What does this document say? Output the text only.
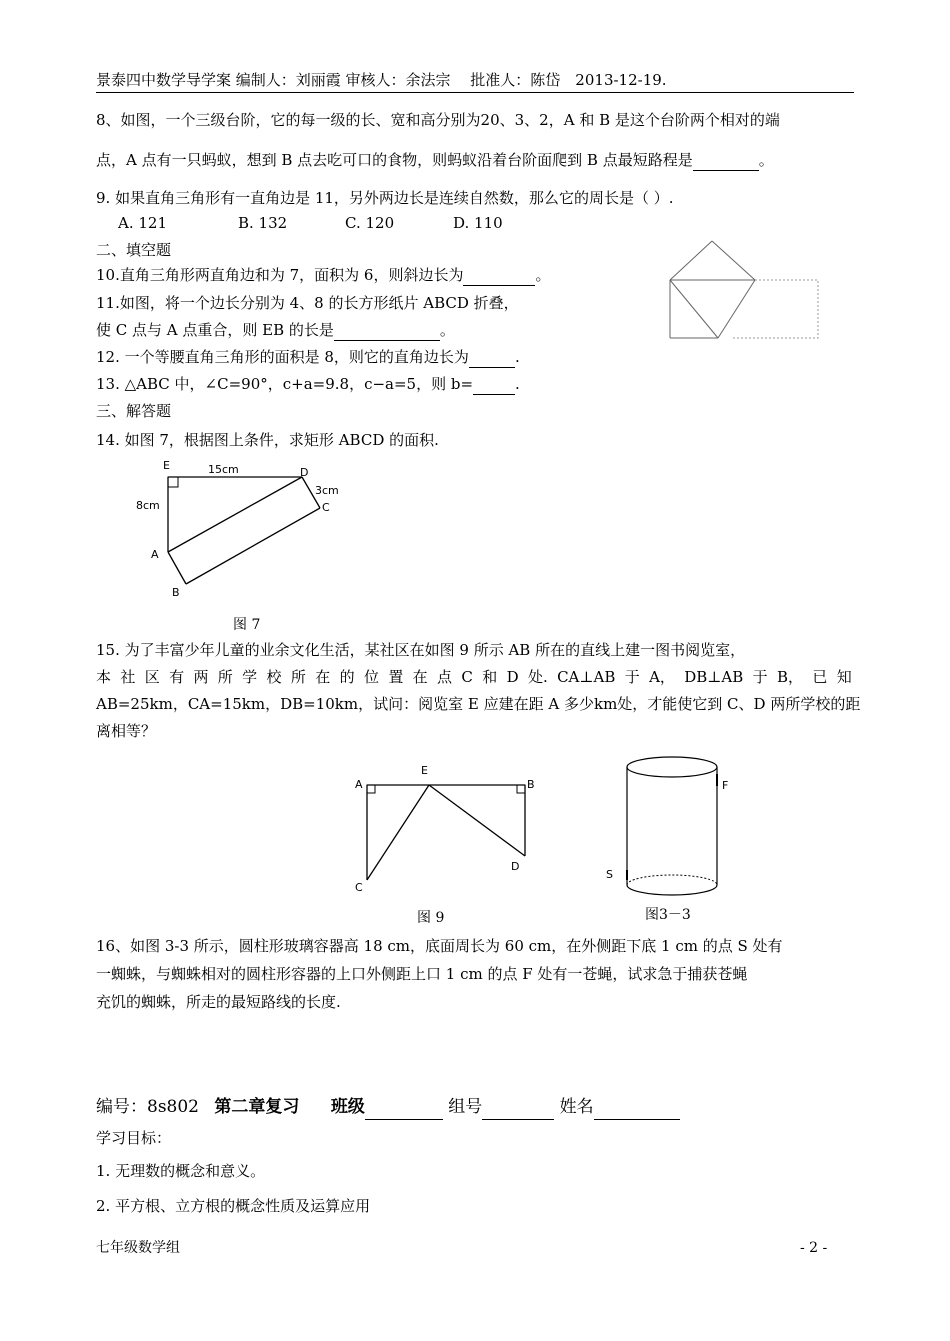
景泰四中数学导学案 编制人：刘丽霞 审核人：余法宗　 批准人：陈岱　2013-12-19.
8、如图，一个三级台阶，它的每一级的长、宽和高分别为20、3、2，A 和 B 是这个台阶两个相对的端
点，A 点有一只蚂蚁，想到 B 点去吃可口的食物，则蚂蚁沿着台阶面爬到 B 点最短路程是	。
9. 如果直角三角形有一直角边是 11，另外两边长是连续自然数，那么它的周长是（ ）.
A. 121	B. 132	C. 120	D. 110
二、填空题
10.直角三角形两直角边和为 7，面积为 6，则斜边长为	。
11.如图，将一个边长分别为 4、8 的长方形纸片 ABCD 折叠，
使 C 点与 A 点重合，则 EB 的长是	。
12. 一个等腰直角三角形的面积是 8，则它的直角边长为	.
13. △ABC 中，∠C=90°，c+a=9.8，c−a=5，则 b=	.
三、解答题
14. 如图 7，根据图上条件，求矩形 ABCD 的面积.
E	15cm	D
3cm
C
8cm
A
B
图 7
15. 为了丰富少年儿童的业余文化生活，某社区在如图 9 所示 AB 所在的直线上建一图书阅览室，
本 社 区 有 两 所 学 校 所 在 的 位 置 在 点 C 和 D 处. CA⊥AB 于 A， DB⊥AB 于 B， 已 知
AB=25km，CA=15km，DB=10km，试问：阅览室 E 应建在距 A 多少km处，才能使它到 C、D 两所学校的距
离相等？
A
E
B
C
D
图 9
F
S
图3－3
16、如图 3-3 所示，圆柱形玻璃容器高 18 cm，底面周长为 60 cm，在外侧距下底 1 cm 的点 S 处有
一蜘蛛，与蜘蛛相对的圆柱形容器的上口外侧距上口 1 cm 的点 F 处有一苍蝇，试求急于捕获苍蝇
充饥的蜘蛛，所走的最短路线的长度.
编号：8s802 第二章复习 班级	组号	姓名
学习目标：
1. 无理数的概念和意义。
2. 平方根、立方根的概念性质及运算应用
七年级数学组	- 2 -
